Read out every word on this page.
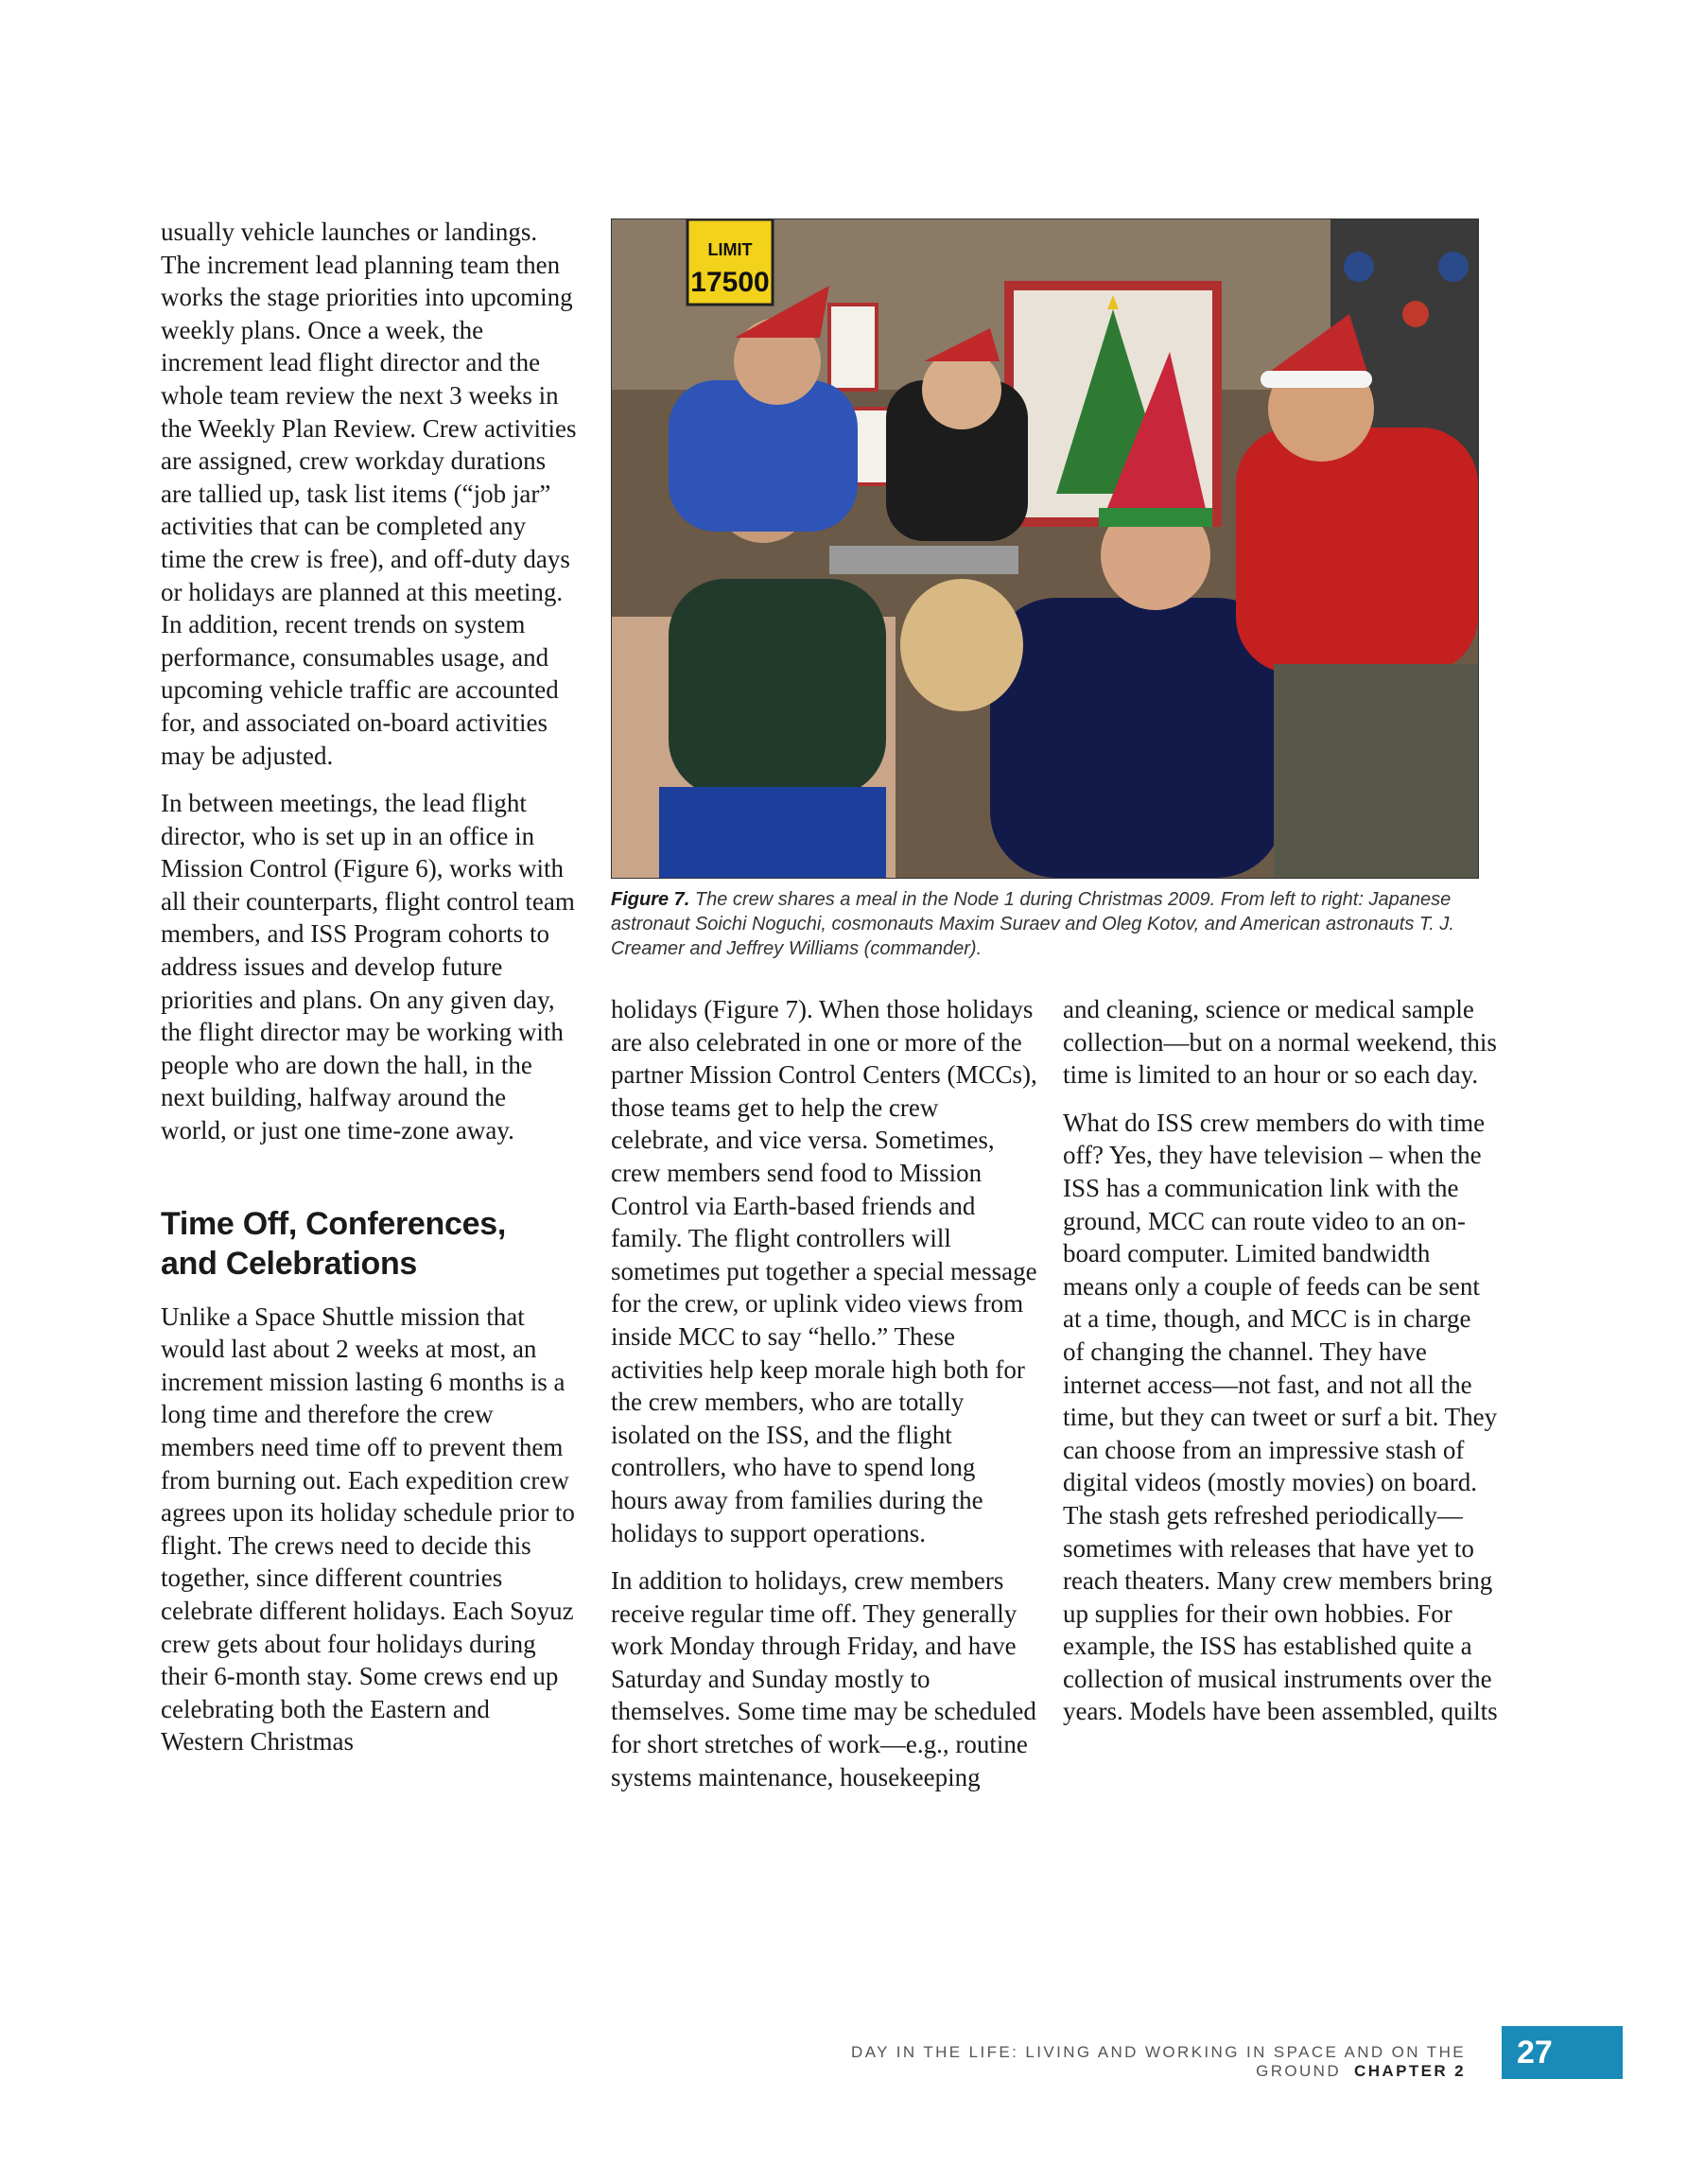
usually vehicle launches or landings. The increment lead planning team then works the stage priorities into upcoming weekly plans. Once a week, the increment lead flight director and the whole team review the next 3 weeks in the Weekly Plan Review. Crew activities are assigned, crew workday durations are tallied up, task list items (“job jar” activities that can be completed any time the crew is free), and off-duty days or holidays are planned at this meeting. In addition, recent trends on system performance, consumables usage, and upcoming vehicle traffic are accounted for, and associated on-board activities may be adjusted.

In between meetings, the lead flight director, who is set up in an office in Mission Control (Figure 6), works with all their counterparts, flight control team members, and ISS Program cohorts to address issues and develop future priorities and plans. On any given day, the flight director may be working with people who are down the hall, in the next building, halfway around the world, or just one time-zone away.

Time Off, Conferences,
and Celebrations

Unlike a Space Shuttle mission that would last about 2 weeks at most, an increment mission lasting 6 months is a long time and therefore the crew members need time off to prevent them from burning out. Each expedition crew agrees upon its holiday schedule prior to flight. The crews need to decide this together, since different countries celebrate different holidays. Each Soyuz crew gets about four holidays during their 6-month stay. Some crews end up celebrating both the Eastern and Western Christmas

LIMIT
17500
Figure 7. The crew shares a meal in the Node 1 during Christmas 2009. From left to right: Japanese astronaut Soichi Noguchi, cosmonauts Maxim Suraev and Oleg Kotov, and American astronauts T. J. Creamer and Jeffrey Williams (commander).

holidays (Figure 7). When those holidays are also celebrated in one or more of the partner Mission Control Centers (MCCs), those teams get to help the crew celebrate, and vice versa. Sometimes, crew members send food to Mission Control via Earth-based friends and family. The flight controllers will sometimes put together a special message for the crew, or uplink video views from inside MCC to say “hello.” These activities help keep morale high both for the crew members, who are totally isolated on the ISS, and the flight controllers, who have to spend long hours away from families during the holidays to support operations.

In addition to holidays, crew members receive regular time off. They generally work Monday through Friday, and have Saturday and Sunday mostly to themselves. Some time may be scheduled for short stretches of work—e.g., routine systems maintenance, housekeeping

and cleaning, science or medical sample collection—but on a normal weekend, this time is limited to an hour or so each day.

What do ISS crew members do with time off? Yes, they have television – when the ISS has a communication link with the ground, MCC can route video to an on-board computer. Limited bandwidth means only a couple of feeds can be sent at a time, though, and MCC is in charge of changing the channel. They have internet access—not fast, and not all the time, but they can tweet or surf a bit. They can choose from an impressive stash of digital videos (mostly movies) on board. The stash gets refreshed periodically—sometimes with releases that have yet to reach theaters. Many crew members bring up supplies for their own hobbies. For example, the ISS has established quite a collection of musical instruments over the years. Models have been assembled, quilts

DAY IN THE LIFE: LIVING AND WORKING IN SPACE AND ON THE GROUND CHAPTER 2
27
